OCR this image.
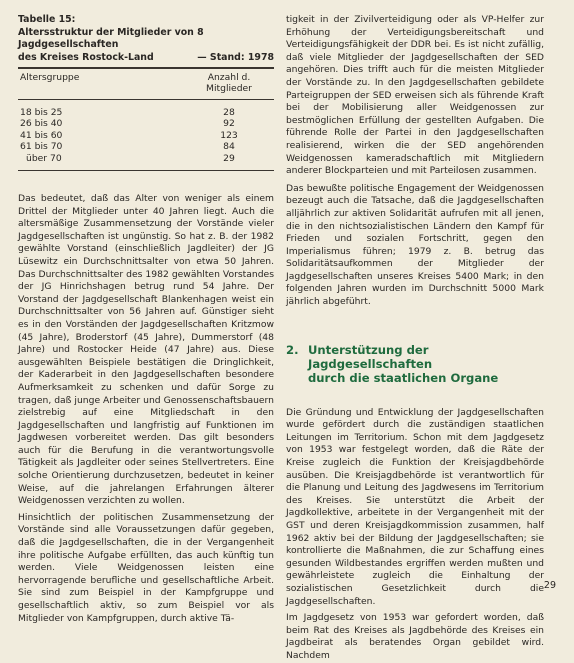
Tabelle 15:

Altersstruktur der Mitglieder von 8 Jagdgesellschaften

des Kreises Rostock-Land	— Stand: 1978

Altersgruppe	Anzahl d.
Mitglieder
18 bis 25	28
26 bis 40	92
41 bis 60	123
61 bis 70	84
über 70	29

Das bedeutet, daß das Alter von weniger als einem Drittel der Mitglieder unter 40 Jahren liegt. Auch die altersmäßige Zusammensetzung der Vorstände vieler Jagdgesellschaften ist ungünstig. So hat z. B. der 1982 gewählte Vorstand (einschließlich Jagdleiter) der JG Lüsewitz ein Durchschnittsalter von etwa 50 Jahren. Das Durchschnittsalter des 1982 gewählten Vorstandes der JG Hinrichshagen betrug rund 54 Jahre. Der Vorstand der Jagdgesellschaft Blankenhagen weist ein Durchschnittsalter von 56 Jahren auf. Günstiger sieht es in den Vorständen der Jagdgesellschaften Kritzmow (45 Jahre), Broderstorf (45 Jahre), Dummerstorf (48 Jahre) und Rostocker Heide (47 Jahre) aus. Diese ausgewählten Beispiele bestätigen die Dringlichkeit, der Kaderarbeit in den Jagdgesellschaften besondere Aufmerksamkeit zu schenken und dafür Sorge zu tragen, daß junge Arbeiter und Genossenschaftsbauern zielstrebig auf eine Mitgliedschaft in den Jagdgesellschaften und langfristig auf Funktionen im Jagdwesen vorbereitet werden. Das gilt besonders auch für die Berufung in die verantwortungsvolle Tätigkeit als Jagdleiter oder seines Stellvertreters. Eine solche Orientierung durchzusetzen, bedeutet in keiner Weise, auf die jahrelangen Erfahrungen älterer Weidgenossen verzichten zu wollen.

Hinsichtlich der politischen Zusammensetzung der Vorstände sind alle Voraussetzungen dafür gegeben, daß die Jagdgesellschaften, die in der Vergangenheit ihre politische Aufgabe erfüllten, das auch künftig tun werden. Viele Weidgenossen leisten eine hervorragende berufliche und gesellschaftliche Arbeit. Sie sind zum Beispiel in der Kampfgruppe und gesellschaftlich aktiv, so zum Beispiel vor als Mitglieder von Kampfgruppen, durch aktive Tä-

tigkeit in der Zivilverteidigung oder als VP-Helfer zur Erhöhung der Verteidigungsbereitschaft und Verteidigungsfähigkeit der DDR bei. Es ist nicht zufällig, daß viele Mitglieder der Jagdgesellschaften der SED angehören. Dies trifft auch für die meisten Mitglieder der Vorstände zu. In den Jagdgesellschaften gebildete Parteigruppen der SED erweisen sich als führende Kraft bei der Mobilisierung aller Weidgenossen zur bestmöglichen Erfüllung der gestellten Aufgaben. Die führende Rolle der Partei in den Jagdgesellschaften realisierend, wirken die der SED angehörenden Weidgenossen kameradschaftlich mit Mitgliedern anderer Blockparteien und mit Parteilosen zusammen.

Das bewußte politische Engagement der Weidgenossen bezeugt auch die Tatsache, daß die Jagdgesellschaften alljährlich zur aktiven Solidarität aufrufen mit all jenen, die in den nichtsozialistischen Ländern den Kampf für Frieden und sozialen Fortschritt, gegen den Imperialismus führen; 1979 z. B. betrug das Solidaritätsaufkommen der Mitglieder der Jagdgesellschaften unseres Kreises 5400 Mark; in den folgenden Jahren wurden im Durchschnitt 5000 Mark jährlich abgeführt.

2. Unterstützung der Jagdgesellschaften
durch die staatlichen Organe

Die Gründung und Entwicklung der Jagdgesellschaften wurde gefördert durch die zuständigen staatlichen Leitungen im Territorium. Schon mit dem Jagdgesetz von 1953 war festgelegt worden, daß die Räte der Kreise zugleich die Funktion der Kreisjagdbehörde ausüben. Die Kreisjagdbehörde ist verantwortlich für die Planung und Leitung des Jagdwesens im Territorium des Kreises. Sie unterstützt die Arbeit der Jagdkollektive, arbeitete in der Vergangenheit mit der GST und deren Kreisjagdkommission zusammen, half 1962 aktiv bei der Bildung der Jagdgesellschaften; sie kontrollierte die Maßnahmen, die zur Schaffung eines gesunden Wildbestandes ergriffen werden mußten und gewährleistete zugleich die Einhaltung der sozialistischen Gesetzlichkeit durch die Jagdgesellschaften.

Im Jagdgesetz von 1953 war gefordert worden, daß beim Rat des Kreises als Jagdbehörde des Kreises ein Jagdbeirat als beratendes Organ gebildet wird. Nachdem

29
